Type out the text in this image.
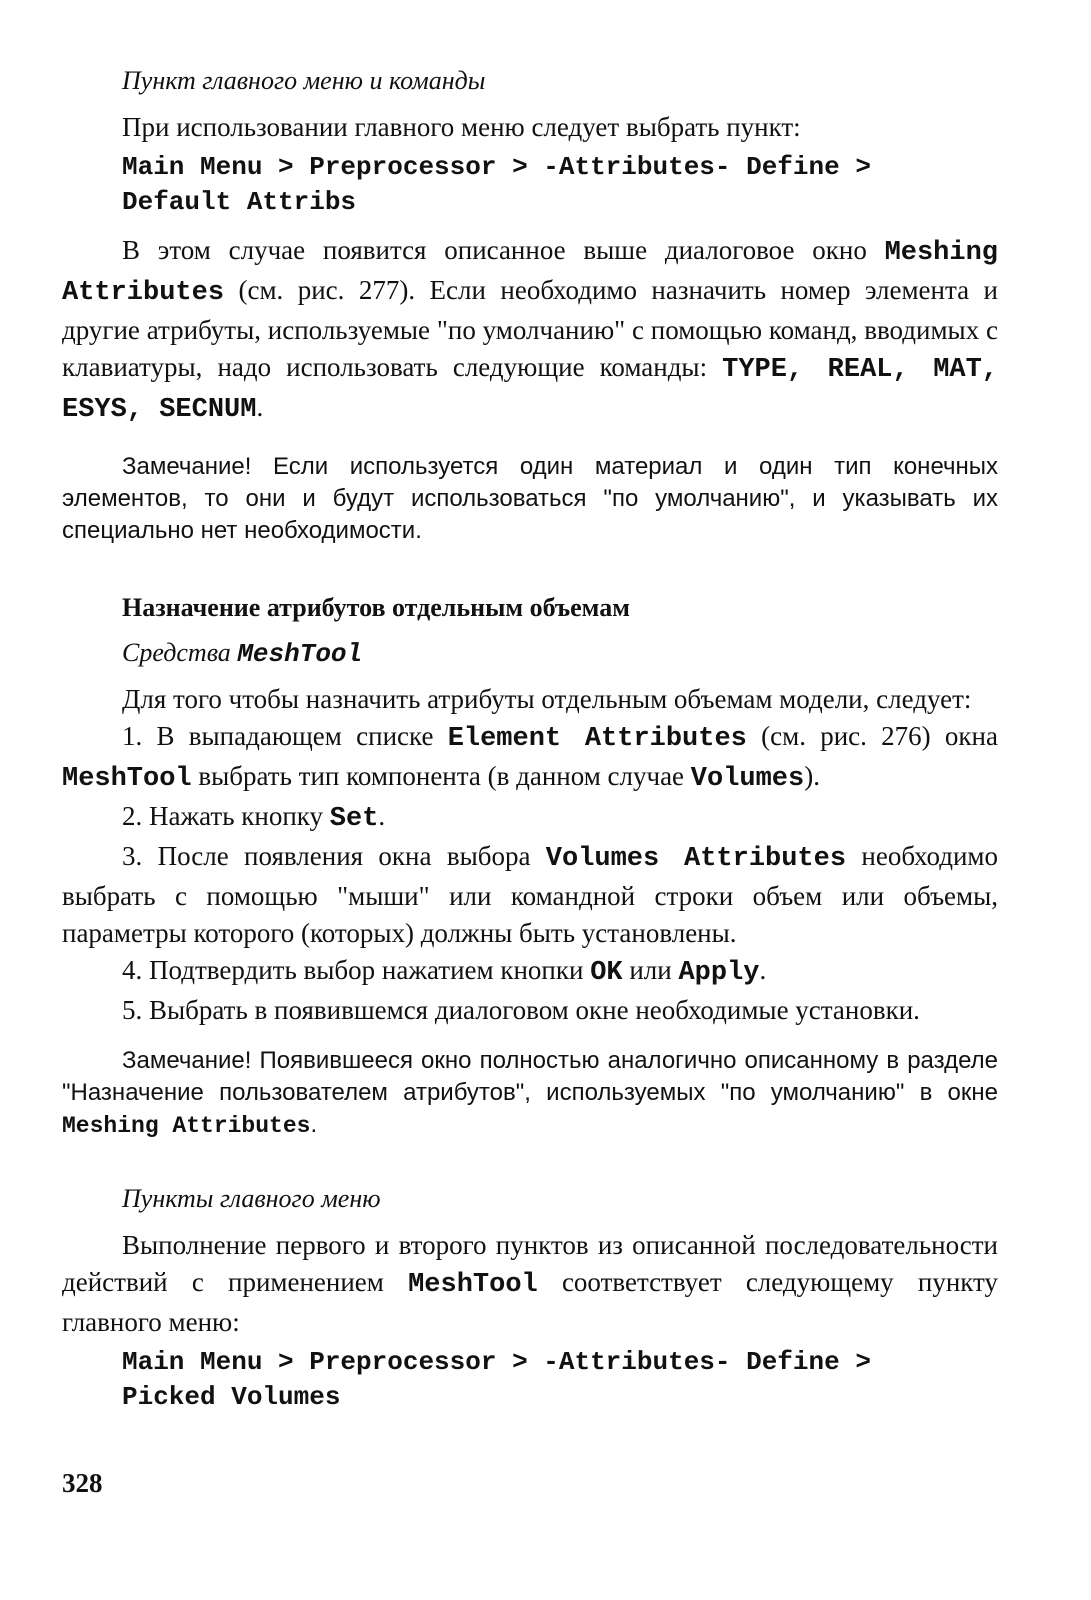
Пункт главного меню и команды

При использовании главного меню следует выбрать пункт:

Main Menu > Preprocessor > -Attributes- Define >
Default Attribs

В этом случае появится описанное выше диалоговое окно Meshing Attributes (см. рис. 277). Если необходимо назначить номер элемента и другие атрибуты, используемые "по умолчанию" с помощью команд, вводимых с клавиатуры, надо использовать следующие команды: TYPE, REAL, MAT, ESYS, SECNUM.

Замечание! Если используется один материал и один тип конечных элементов, то они и будут использоваться "по умолчанию", и указывать их специально нет необходимости.

Назначение атрибутов отдельным объемам

Средства MeshTool

Для того чтобы назначить атрибуты отдельным объемам модели, следует:

1. В выпадающем списке Element Attributes (см. рис. 276) окна MeshTool выбрать тип компонента (в данном случае Volumes).

2. Нажать кнопку Set.

3. После появления окна выбора Volumes Attributes необходимо выбрать с помощью "мыши" или командной строки объем или объемы, параметры которого (которых) должны быть установлены.

4. Подтвердить выбор нажатием кнопки OK или Apply.

5. Выбрать в появившемся диалоговом окне необходимые установки.

Замечание! Появившееся окно полностью аналогично описанному в разделе "Назначение пользователем атрибутов", используемых "по умолчанию" в окне Meshing Attributes.

Пункты главного меню

Выполнение первого и второго пунктов из описанной последовательности действий с применением MeshTool соответствует следующему пункту главного меню:

Main Menu > Preprocessor > -Attributes- Define >
Picked Volumes
328
